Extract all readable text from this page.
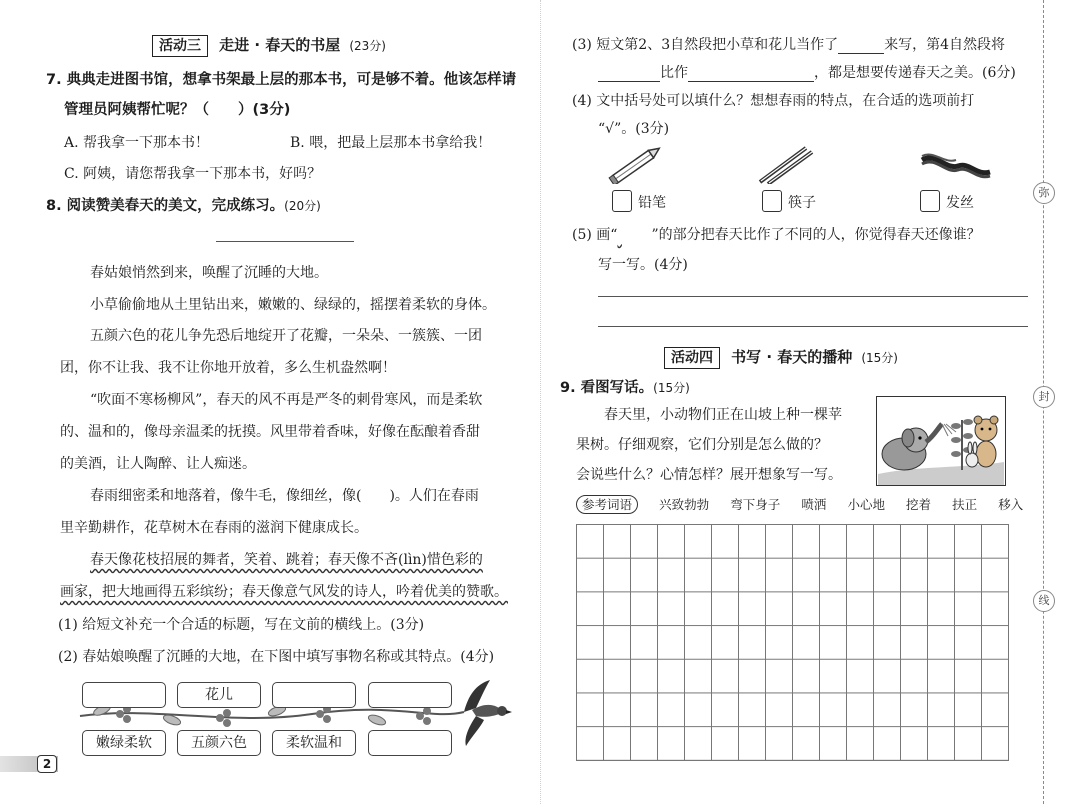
活动三 走进 · 春天的书屋 (23分)
7. 典典走进图书馆，想拿书架最上层的那本书，可是够不着。他该怎样请
管理员阿姨帮忙呢？（　　）(3分)
A. 帮我拿一下那本书！	B. 喂，把最上层那本书拿给我！
C. 阿姨，请您帮我拿一下那本书，好吗？
8. 阅读赞美春天的美文，完成练习。(20分)
春姑娘悄然到来，唤醒了沉睡的大地。
小草偷偷地从土里钻出来，嫩嫩的、绿绿的，摇摆着柔软的身体。
五颜六色的花儿争先恐后地绽开了花瓣，一朵朵、一簇簇、一团
团，你不让我、我不让你地开放着，多么生机盎然啊！
“吹面不寒杨柳风”，春天的风不再是严冬的刺骨寒风，而是柔软
的、温和的，像母亲温柔的抚摸。风里带着香味，好像在酝酿着香甜
的美酒，让人陶醉、让人痴迷。
春雨细密柔和地落着，像牛毛，像细丝，像(　　)。人们在春雨
里辛勤耕作，花草树木在春雨的滋润下健康成长。
春天像花枝招展的舞者，笑着、跳着；春天像不吝(lìn)惜色彩的
画家，把大地画得五彩缤纷；春天像意气风发的诗人，吟着优美的赞歌。
(1) 给短文补充一个合适的标题，写在文前的横线上。(3分)
(2) 春姑娘唤醒了沉睡的大地，在下图中填写事物名称或其特点。(4分)
花儿
嫩绿柔软	五颜六色	柔软温和
2
(3) 短文第2、3自然段把小草和花儿当作了	来写，第4自然段将
比作	，都是想要传递春天之美。(6分)
(4) 文中括号处可以填什么？想想春雨的特点，在合适的选项前打
“√”。(3分)
铅笔	筷子	发丝
(5) 画“ ”的部分把春天比作了不同的人，你觉得春天还像谁？
写一写。(4分)
活动四 书写 · 春天的播种 (15分)
9. 看图写话。(15分)
春天里，小动物们正在山坡上种一棵苹
果树。仔细观察，它们分别是怎么做的？
会说些什么？心情怎样？展开想象写一写。
参考词语 兴致勃勃 弯下身子 喷洒 小心地 挖着 扶正 移入
弥
封
线
